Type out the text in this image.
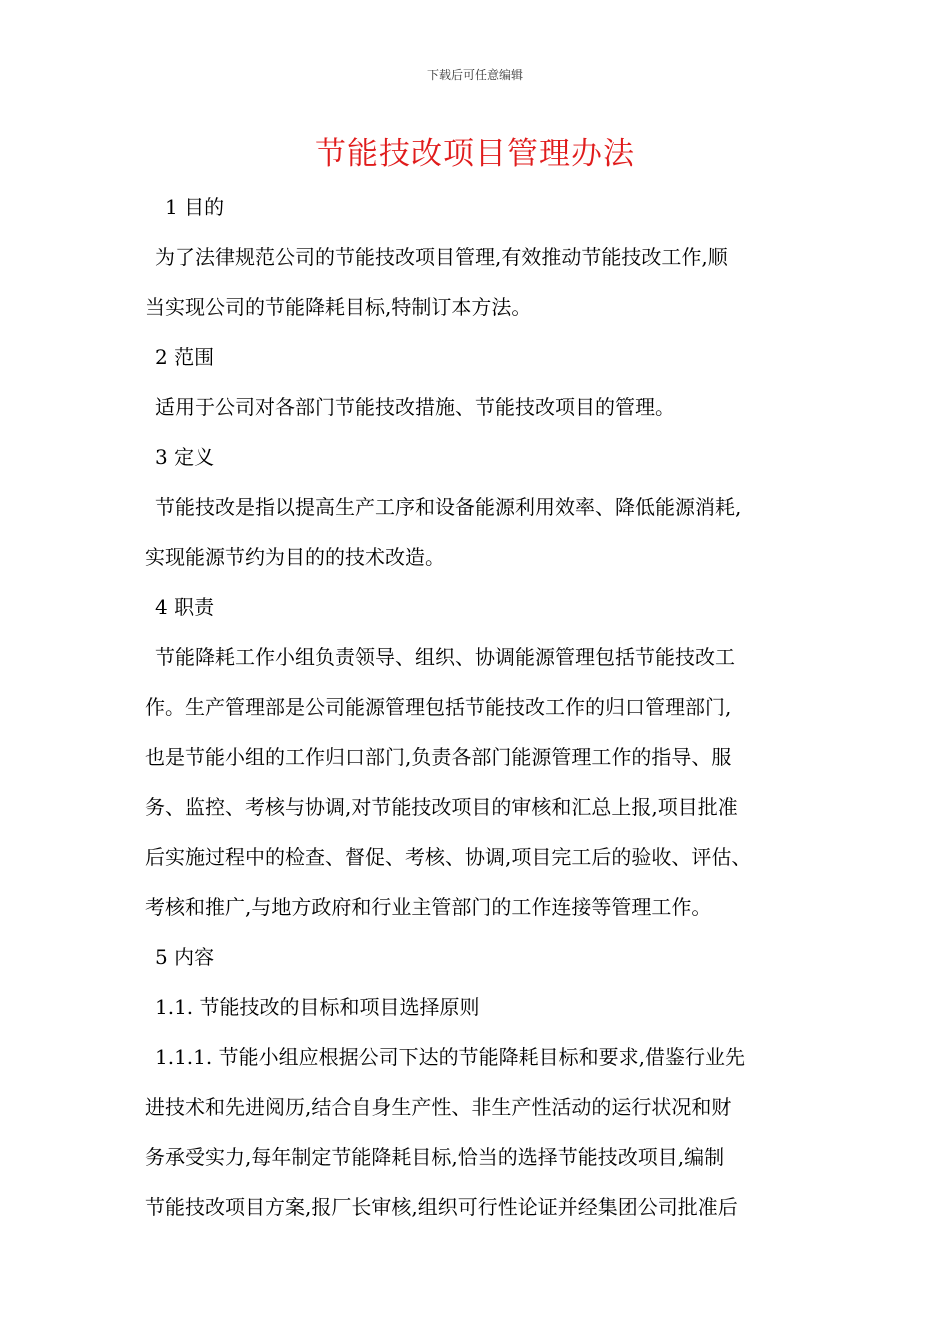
下载后可任意编辑
节能技改项目管理办法
1 目的
为了法律规范公司的节能技改项目管理,有效推动节能技改工作,顺
当实现公司的节能降耗目标,特制订本方法。
2 范围
适用于公司对各部门节能技改措施、节能技改项目的管理。
3 定义
节能技改是指以提高生产工序和设备能源利用效率、降低能源消耗,
实现能源节约为目的的技术改造。
4 职责
节能降耗工作小组负责领导、组织、协调能源管理包括节能技改工
作。生产管理部是公司能源管理包括节能技改工作的归口管理部门,
也是节能小组的工作归口部门,负责各部门能源管理工作的指导、服
务、监控、考核与协调,对节能技改项目的审核和汇总上报,项目批准
后实施过程中的检查、督促、考核、协调,项目完工后的验收、评估、
考核和推广,与地方政府和行业主管部门的工作连接等管理工作。
5 内容
1.1. 节能技改的目标和项目选择原则
1.1.1. 节能小组应根据公司下达的节能降耗目标和要求,借鉴行业先
进技术和先进阅历,结合自身生产性、非生产性活动的运行状况和财
务承受实力,每年制定节能降耗目标,恰当的选择节能技改项目,编制
节能技改项目方案,报厂长审核,组织可行性论证并经集团公司批准后
